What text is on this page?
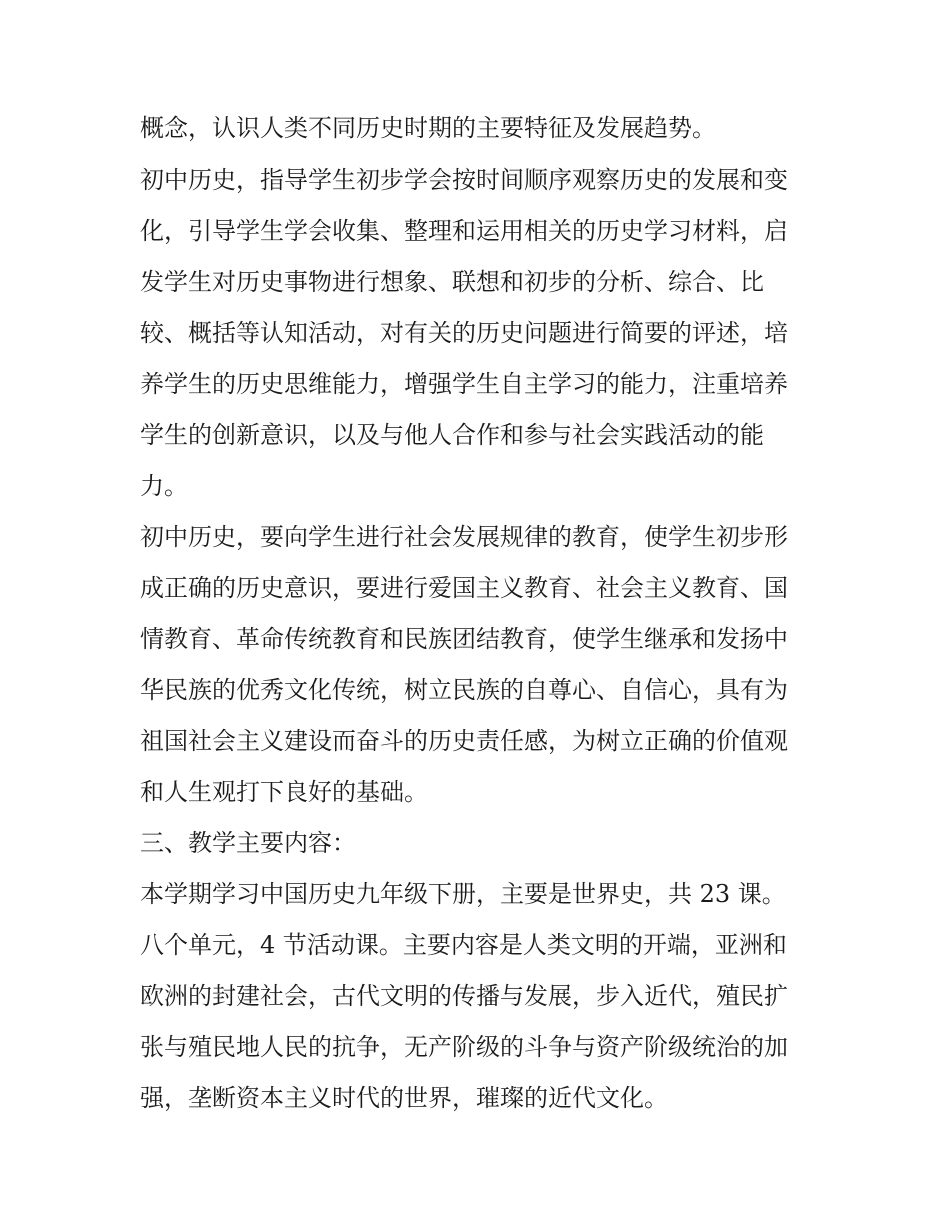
概念，认识人类不同历史时期的主要特征及发展趋势。
初中历史，指导学生初步学会按时间顺序观察历史的发展和变
化，引导学生学会收集、整理和运用相关的历史学习材料，启
发学生对历史事物进行想象、联想和初步的分析、综合、比
较、概括等认知活动，对有关的历史问题进行简要的评述，培
养学生的历史思维能力，增强学生自主学习的能力，注重培养
学生的创新意识，以及与他人合作和参与社会实践活动的能
力。
初中历史，要向学生进行社会发展规律的教育，使学生初步形
成正确的历史意识，要进行爱国主义教育、社会主义教育、国
情教育、革命传统教育和民族团结教育，使学生继承和发扬中
华民族的优秀文化传统，树立民族的自尊心、自信心，具有为
祖国社会主义建设而奋斗的历史责任感，为树立正确的价值观
和人生观打下良好的基础。
三、教学主要内容：
本学期学习中国历史九年级下册，主要是世界史，共 23 课。
八个单元，4 节活动课。主要内容是人类文明的开端，亚洲和
欧洲的封建社会，古代文明的传播与发展，步入近代，殖民扩
张与殖民地人民的抗争，无产阶级的斗争与资产阶级统治的加
强，垄断资本主义时代的世界，璀璨的近代文化。
